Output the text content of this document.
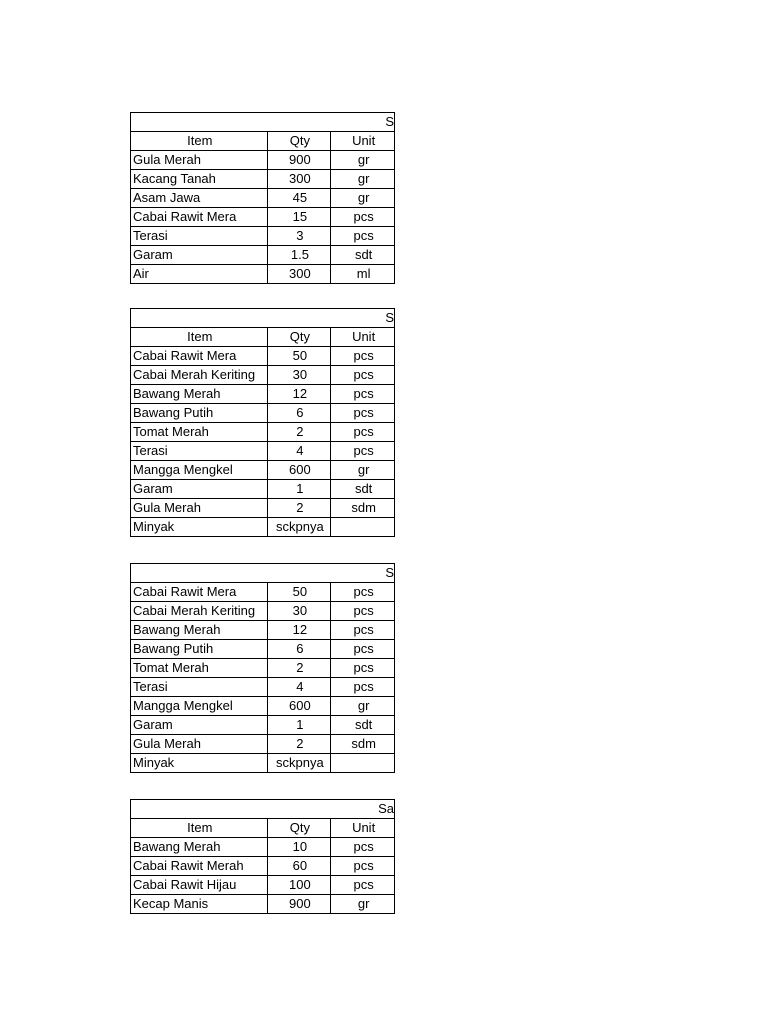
S		
Item	Qty	Unit
Gula Merah	900	gr
Kacang Tanah	300	gr
Asam Jawa	45	gr
Cabai Rawit Mera	15	pcs
Terasi	3	pcs
Garam	1.5	sdt
Air	300	ml
S		
Item	Qty	Unit
Cabai Rawit Mera	50	pcs
Cabai Merah Keriting	30	pcs
Bawang Merah	12	pcs
Bawang Putih	6	pcs
Tomat Merah	2	pcs
Terasi	4	pcs
Mangga Mengkel	600	gr
Garam	1	sdt
Gula Merah	2	sdm
Minyak	sckpnya	
S		
Cabai Rawit Mera	50	pcs
Cabai Merah Keriting	30	pcs
Bawang Merah	12	pcs
Bawang Putih	6	pcs
Tomat Merah	2	pcs
Terasi	4	pcs
Mangga Mengkel	600	gr
Garam	1	sdt
Gula Merah	2	sdm
Minyak	sckpnya	
Sa		
Item	Qty	Unit
Bawang Merah	10	pcs
Cabai Rawit Merah	60	pcs
Cabai Rawit Hijau	100	pcs
Kecap Manis	900	gr
